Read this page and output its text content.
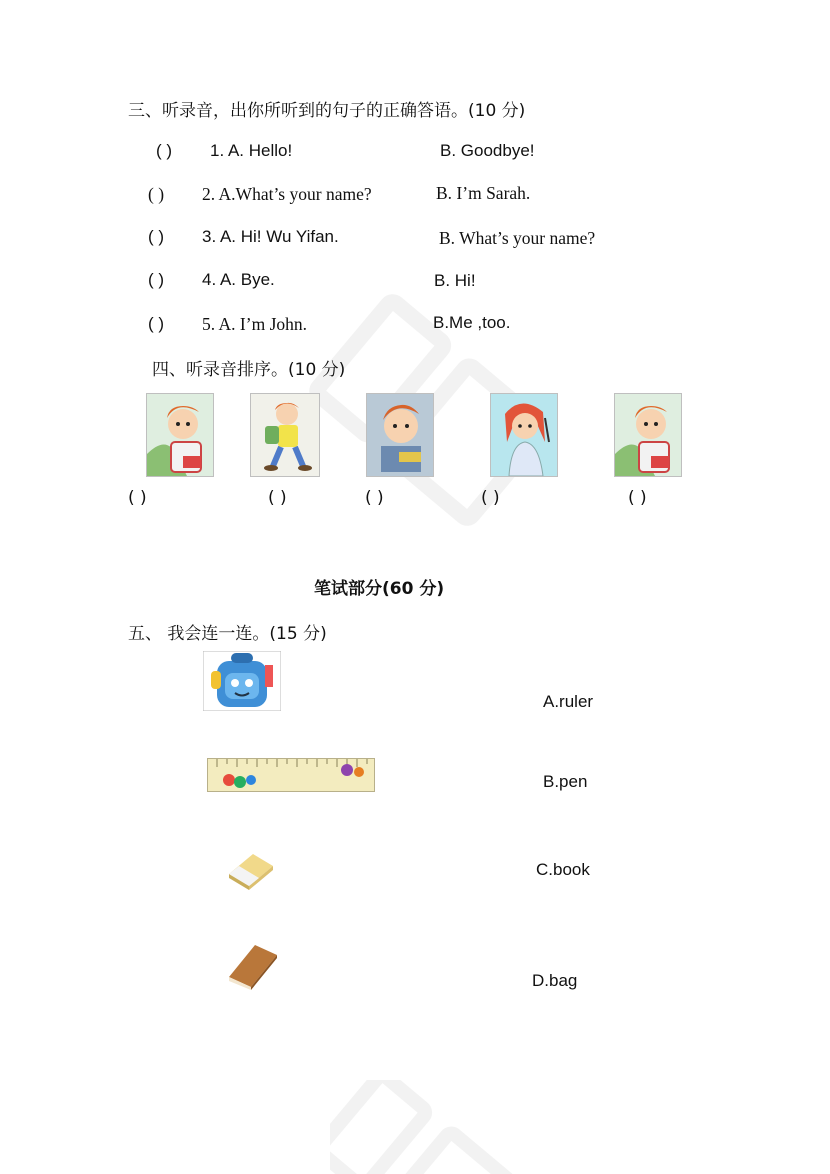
三、听录音，出你所听到的句子的正确答语。(10 分)
( ) 1. A. Hello!	B. Goodbye!
( ) 2. A.What’s your name?	B. I’m Sarah.
( ) 3. A. Hi! Wu Yifan.	B. What’s your name?
( ) 4. A. Bye.	B. Hi!
( ) 5. A. I’m John.	B.Me ,too.
四、听录音排序。(10 分)
( )	( )	( )	( )	( )
笔试部分(60 分)
五、 我会连一连。(15 分)
A.ruler
B.pen
C.book
D.bag
